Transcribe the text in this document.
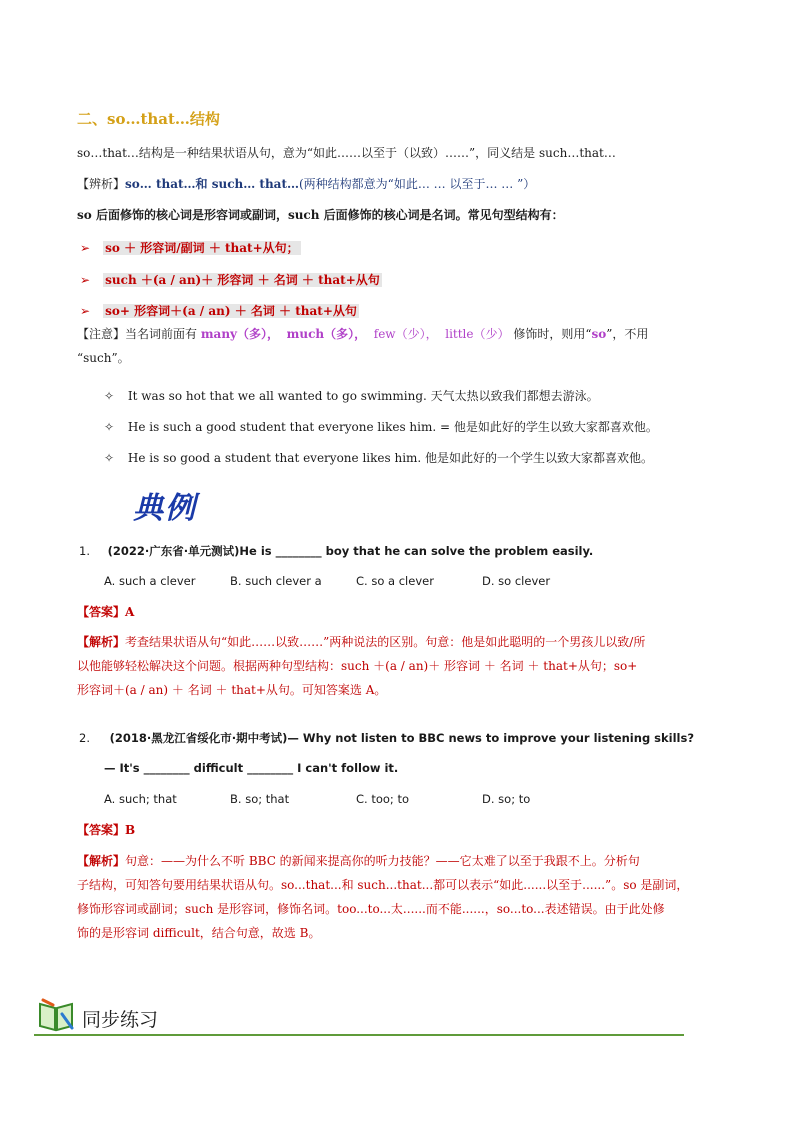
二、so…that…结构
so…that…结构是一种结果状语从句，意为“如此……以至于（以致）……”，同义结是 such…that…
【辨析】so… that…和 such… that…(两种结构都意为“如此… … 以至于… … ”）
so 后面修饰的核心词是形容词或副词，such 后面修饰的核心词是名词。常见句型结构有：
➢ so ＋ 形容词/副词 ＋ that+从句；
➢ such ＋(a / an)＋ 形容词 ＋ 名词 ＋ that+从句
➢ so+ 形容词＋(a / an) ＋ 名词 ＋ that+从句
【注意】当名词前面有 many（多）， much（多）， few（少）， little（少） 修饰时，则用“so”，不用
“such”。
✧ It was so hot that we all wanted to go swimming. 天气太热以致我们都想去游泳。
✧ He is such a good student that everyone likes him. = 他是如此好的学生以致大家都喜欢他。
✧ He is so good a student that everyone likes him. 他是如此好的一个学生以致大家都喜欢他。
典例
1. (2022·广东省·单元测试)He is ________ boy that he can solve the problem easily.
A. such a clever	B. such clever a	C. so a clever	D. so clever
【答案】A
【解析】考查结果状语从句“如此……以致……”两种说法的区别。句意：他是如此聪明的一个男孩儿以致/所
以他能够轻松解决这个问题。根据两种句型结构：such ＋(a / an)＋ 形容词 ＋ 名词 ＋ that+从句；so+
形容词＋(a / an) ＋ 名词 ＋ that+从句。可知答案选 A。
2. (2018·黑龙江省绥化市·期中考试)— Why not listen to BBC news to improve your listening skills?
— It's ________ difficult ________ I can't follow it.
A. such; that	B. so; that	C. too; to	D. so; to
【答案】B
【解析】句意：——为什么不听 BBC 的新闻来提高你的听力技能？——它太难了以至于我跟不上。分析句
子结构，可知答句要用结果状语从句。so...that...和 such...that...都可以表示“如此......以至于......”。so 是副词，
修饰形容词或副词；such 是形容词，修饰名词。too...to...太......而不能......，so...to...表述错误。由于此处修
饰的是形容词 difficult，结合句意，故选 B。
同步练习
